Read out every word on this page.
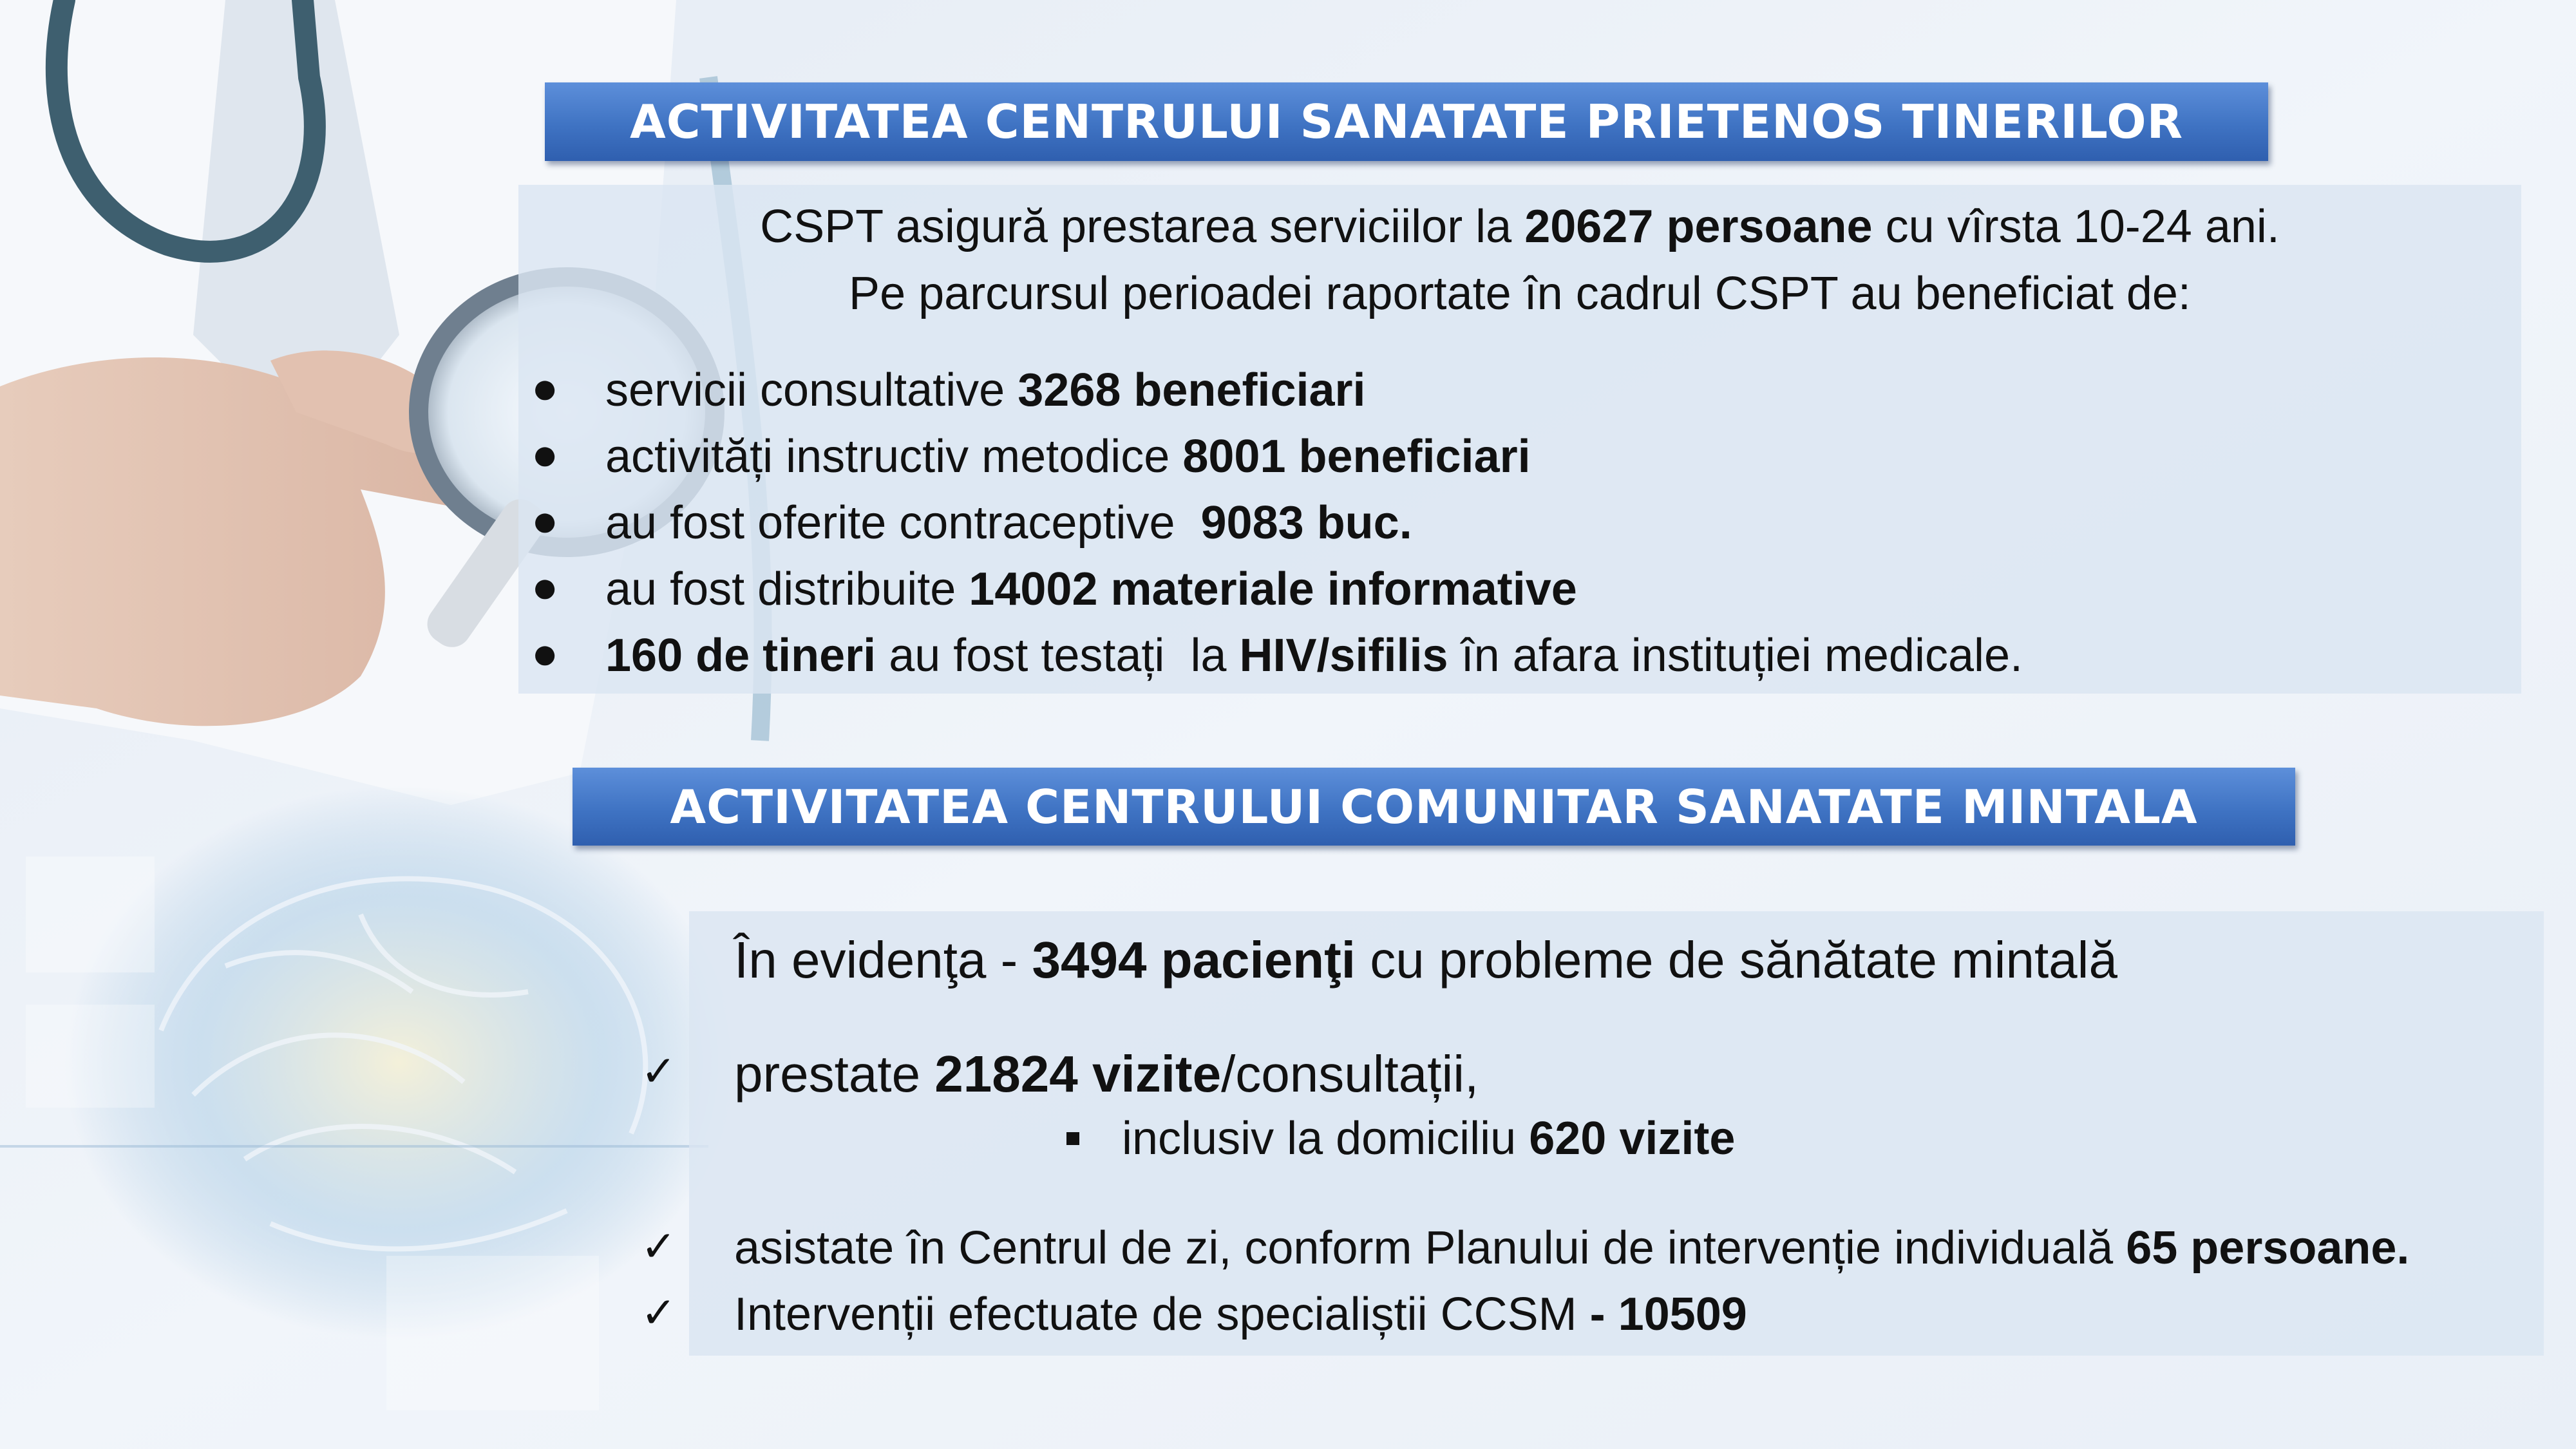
ACTIVITATEA CENTRULUI SANATATE PRIETENOS TINERILOR
CSPT asigură prestarea serviciilor la 20627 persoane cu vîrsta 10-24 ani.
Pe parcursul perioadei raportate în cadrul CSPT au beneficiat de:
● servicii consultative 3268 beneficiari
● activități instructiv metodice 8001 beneficiari
● au fost oferite contraceptive  9083 buc.
● au fost distribuite 14002 materiale informative
● 160 de tineri au fost testați  la HIV/sifilis în afara instituției medicale.
ACTIVITATEA CENTRULUI COMUNITAR SANATATE MINTALA
În evidenţa - 3494 pacienţi cu probleme de sănătate mintală
✓ prestate 21824 vizite/consultații,
inclusiv la domiciliu 620 vizite
✓ asistate în Centrul de zi, conform Planului de intervenție individuală 65 persoane.
✓ Intervenții efectuate de specialiștii CCSM - 10509
